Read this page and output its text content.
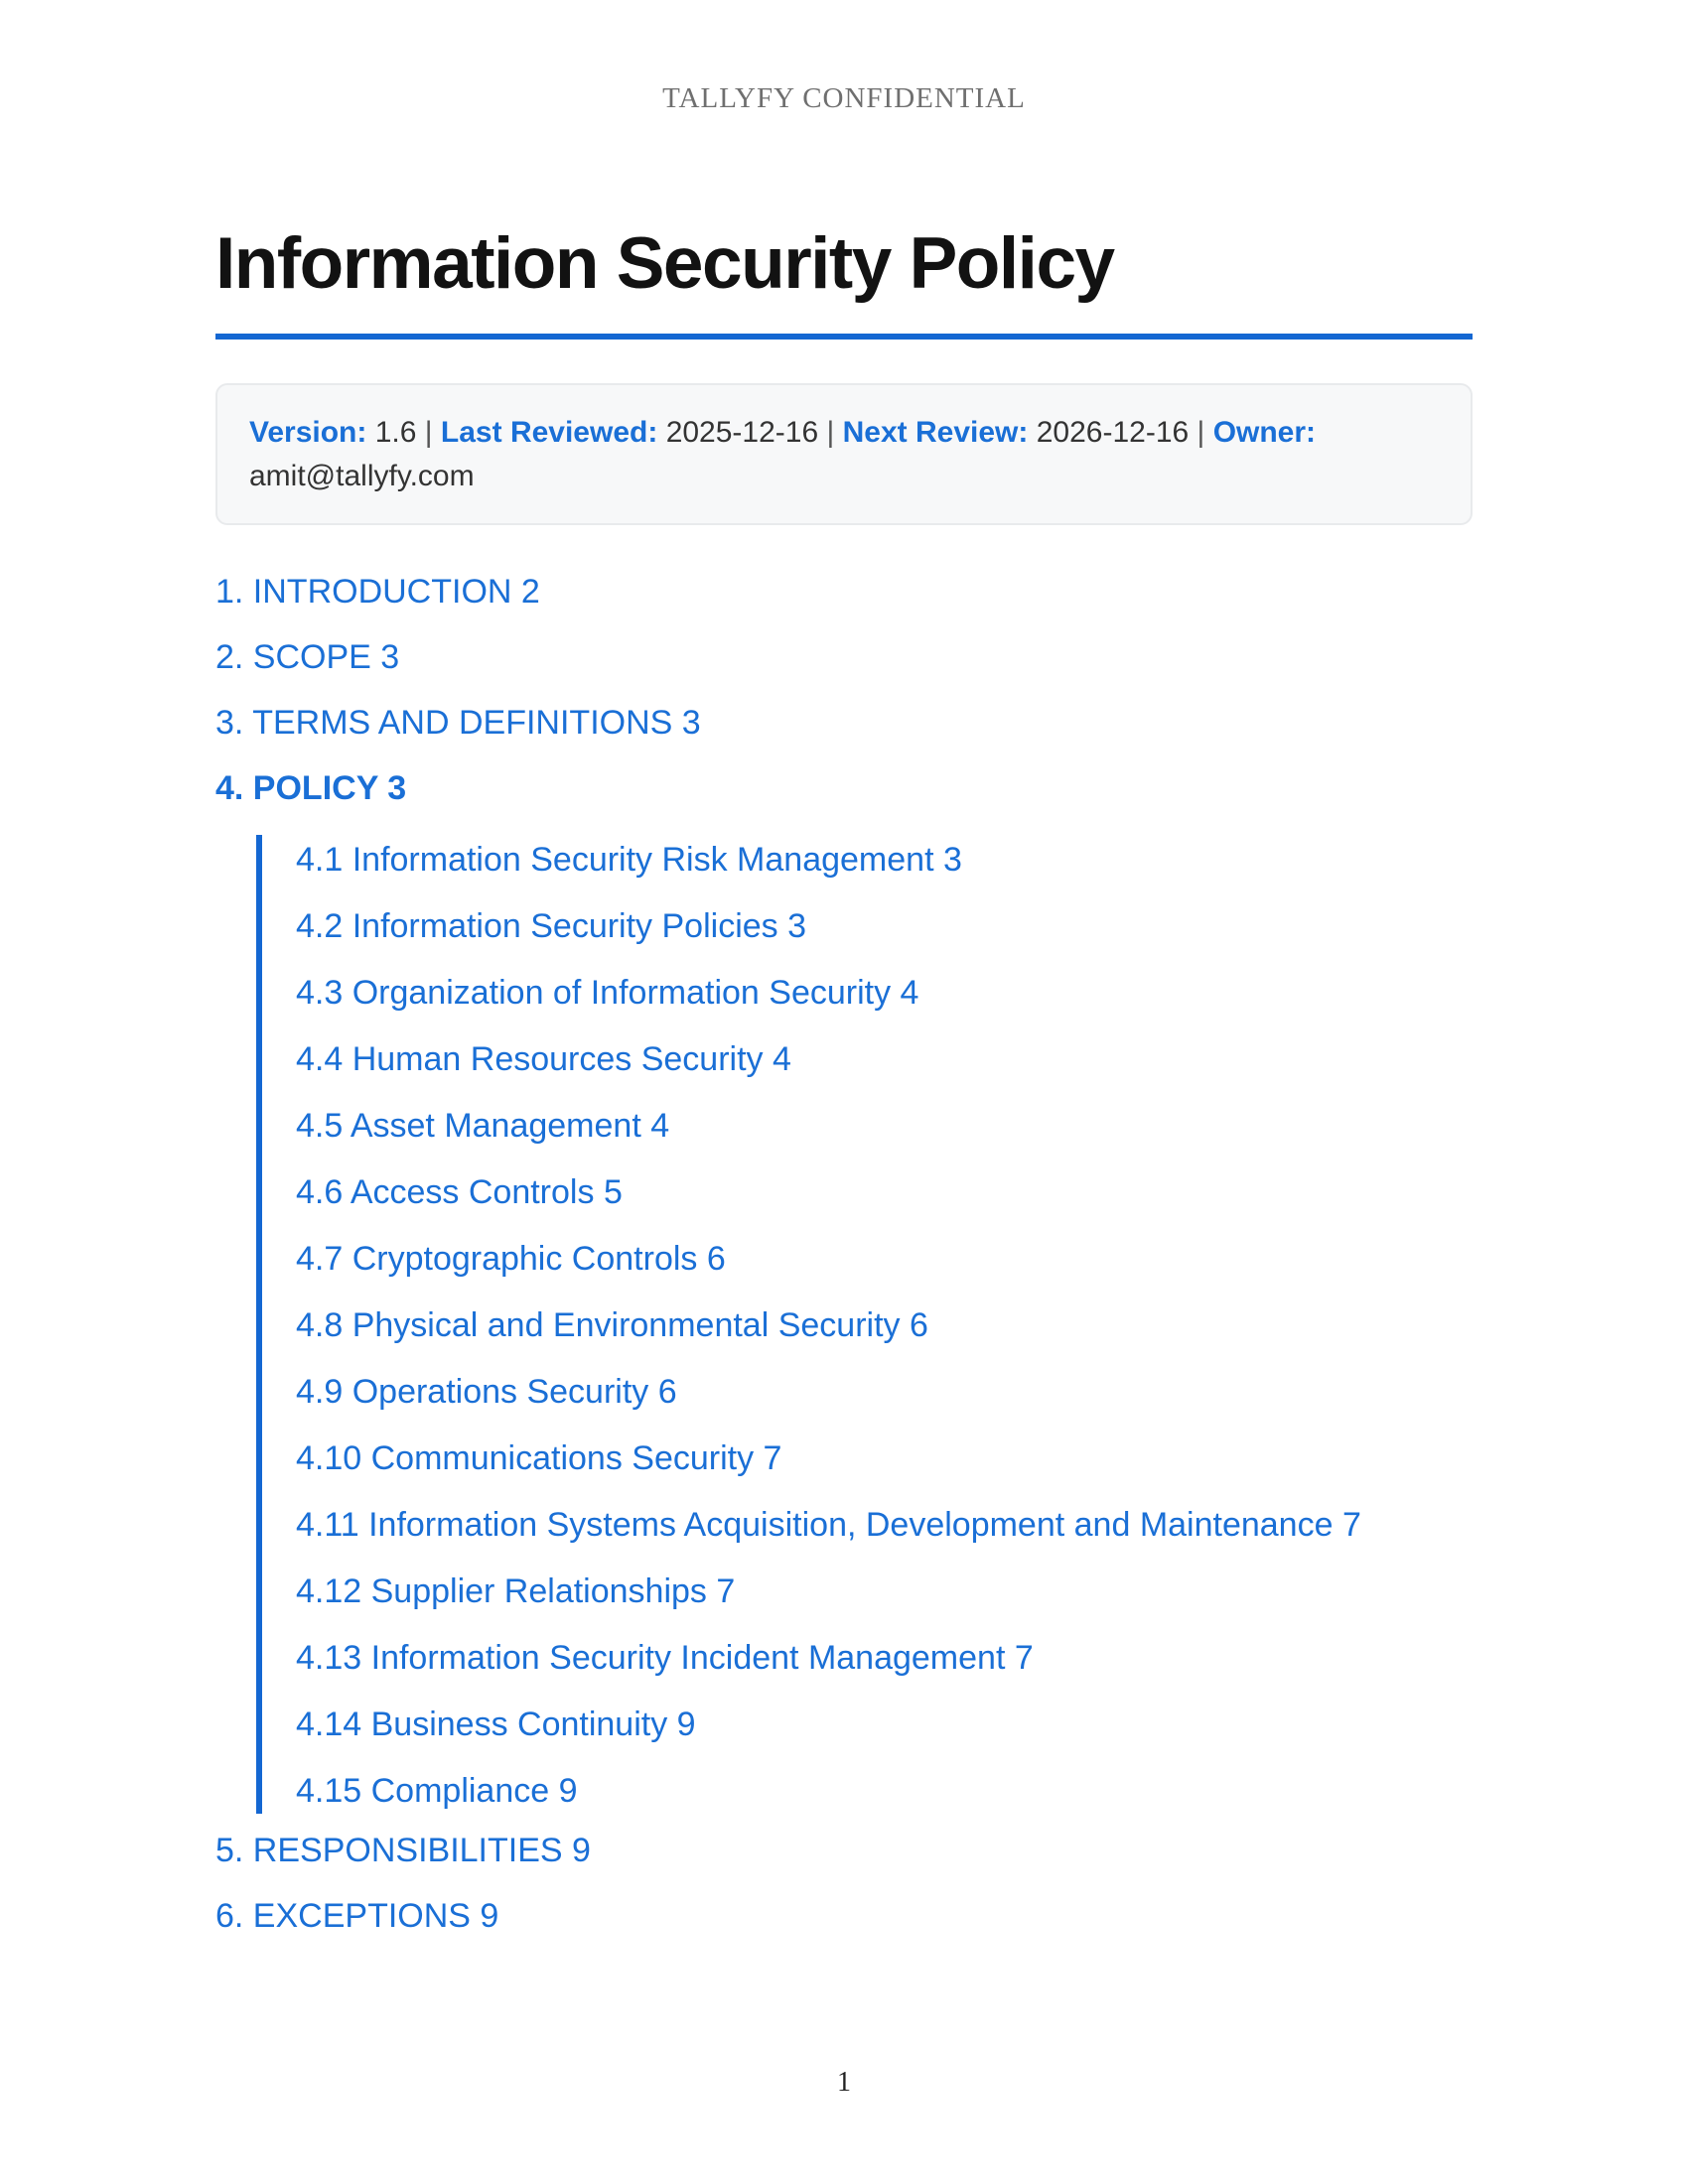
TALLYFY CONFIDENTIAL
Information Security Policy
Version: 1.6 | Last Reviewed: 2025-12-16 | Next Review: 2026-12-16 | Owner: amit@tallyfy.com
1. INTRODUCTION 2
2. SCOPE 3
3. TERMS AND DEFINITIONS 3
4. POLICY 3
4.1 Information Security Risk Management 3
4.2 Information Security Policies 3
4.3 Organization of Information Security 4
4.4 Human Resources Security 4
4.5 Asset Management 4
4.6 Access Controls 5
4.7 Cryptographic Controls 6
4.8 Physical and Environmental Security 6
4.9 Operations Security 6
4.10 Communications Security 7
4.11 Information Systems Acquisition, Development and Maintenance 7
4.12 Supplier Relationships 7
4.13 Information Security Incident Management 7
4.14 Business Continuity 9
4.15 Compliance 9
5. RESPONSIBILITIES 9
6. EXCEPTIONS 9
1
